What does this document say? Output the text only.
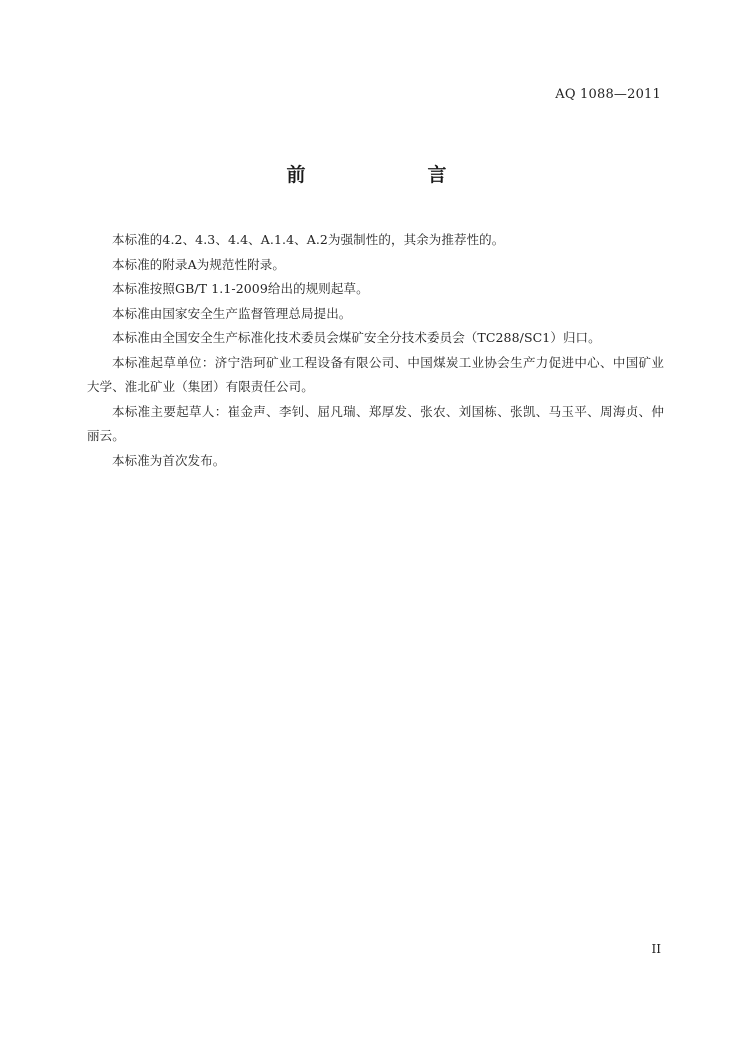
AQ 1088—2011
前　　言

本标准的4.2、4.3、4.4、A.1.4、A.2为强制性的，其余为推荐性的。

本标准的附录A为规范性附录。

本标准按照GB/T 1.1-2009给出的规则起草。

本标准由国家安全生产监督管理总局提出。

本标准由全国安全生产标准化技术委员会煤矿安全分技术委员会（TC288/SC1）归口。

本标准起草单位：济宁浩珂矿业工程设备有限公司、中国煤炭工业协会生产力促进中心、中国矿业大学、淮北矿业（集团）有限责任公司。

本标准主要起草人：崔金声、李钊、屈凡瑞、郑厚发、张农、刘国栋、张凯、马玉平、周海贞、仲丽云。

本标准为首次发布。

II
